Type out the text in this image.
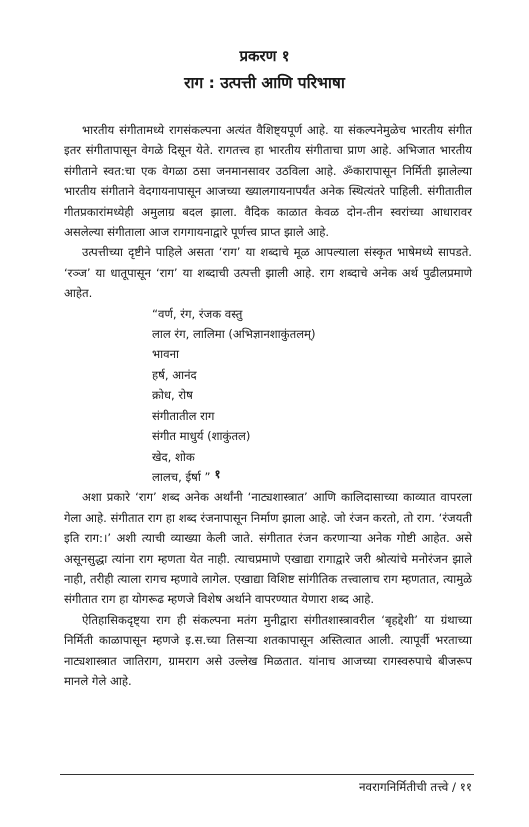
प्रकरण १
राग : उत्पत्ती आणि परिभाषा

भारतीय संगीतामध्ये रागसंकल्पना अत्यंत वैशिष्ट्यपूर्ण आहे. या संकल्पनेमुळेच भारतीय संगीत इतर संगीतापासून वेगळे दिसून येते. रागतत्त्व हा भारतीय संगीताचा प्राण आहे. अभिजात भारतीय संगीताने स्वत:चा एक वेगळा ठसा जनमानसावर उठविला आहे. ॐकारापासून निर्मिती झालेल्या भारतीय संगीताने वेदगायनापासून आजच्या ख्यालगायनापर्यंत अनेक स्थित्यंतरे पाहिली. संगीतातील गीतप्रकारांमध्येही अमुलाग्र बदल झाला. वैदिक काळात केवळ दोन-तीन स्वरांच्या आधारावर असलेल्या संगीताला आज रागगायनाद्वारे पूर्णत्त्व प्राप्त झाले आहे.

उत्पत्तीच्या दृष्टीने पाहिले असता ‘राग’ या शब्दाचे मूळ आपल्याला संस्कृत भाषेमध्ये सापडते. ‘रञ्ज’ या धातूपासून ‘राग’ या शब्दाची उत्पत्ती झाली आहे. राग शब्दाचे अनेक अर्थ पुढीलप्रमाणे आहेत.

“वर्ण, रंग, रंजक वस्तु
लाल रंग, लालिमा (अभिज्ञानशाकुंतलम्)
भावना
हर्ष, आनंद
क्रोध, रोष
संगीतातील राग
संगीत माधुर्य (शाकुंतल)
खेद, शोक
लालच, ईर्षा ” १

अशा प्रकारे ‘राग’ शब्द अनेक अर्थांनी ‘नाट्यशास्त्रात’ आणि कालिदासाच्या काव्यात वापरला गेला आहे. संगीतात राग हा शब्द रंजनापासून निर्माण झाला आहे. जो रंजन करतो, तो राग. ‘रंजयती इति राग:।’ अशी त्याची व्याख्या केली जाते. संगीतात रंजन करणाऱ्या अनेक गोष्टी आहेत. असे असूनसुद्धा त्यांना राग म्हणता येत नाही. त्याचप्रमाणे एखाद्या रागाद्वारे जरी श्रोत्यांचे मनोरंजन झाले नाही, तरीही त्याला रागच म्हणावे लागेल. एखाद्या विशिष्ट सांगीतिक तत्त्वालाच राग म्हणतात, त्यामुळे संगीतात राग हा योगरूढ म्हणजे विशेष अर्थाने वापरण्यात येणारा शब्द आहे.

ऐतिहासिकदृष्ट्या राग ही संकल्पना मतंग मुनीद्वारा संगीतशास्त्रावरील ‘बृहद्देशी’ या ग्रंथाच्या निर्मिती काळापासून म्हणजे इ.स.च्या तिसऱ्या शतकापासून अस्तित्वात आली. त्यापूर्वी भरताच्या नाट्यशास्त्रात जातिराग, ग्रामराग असे उल्लेख मिळतात. यांनाच आजच्या रागस्वरुपाचे बीजरूप मानले गेले आहे.

नवरागनिर्मितीची तत्त्वे / ११
